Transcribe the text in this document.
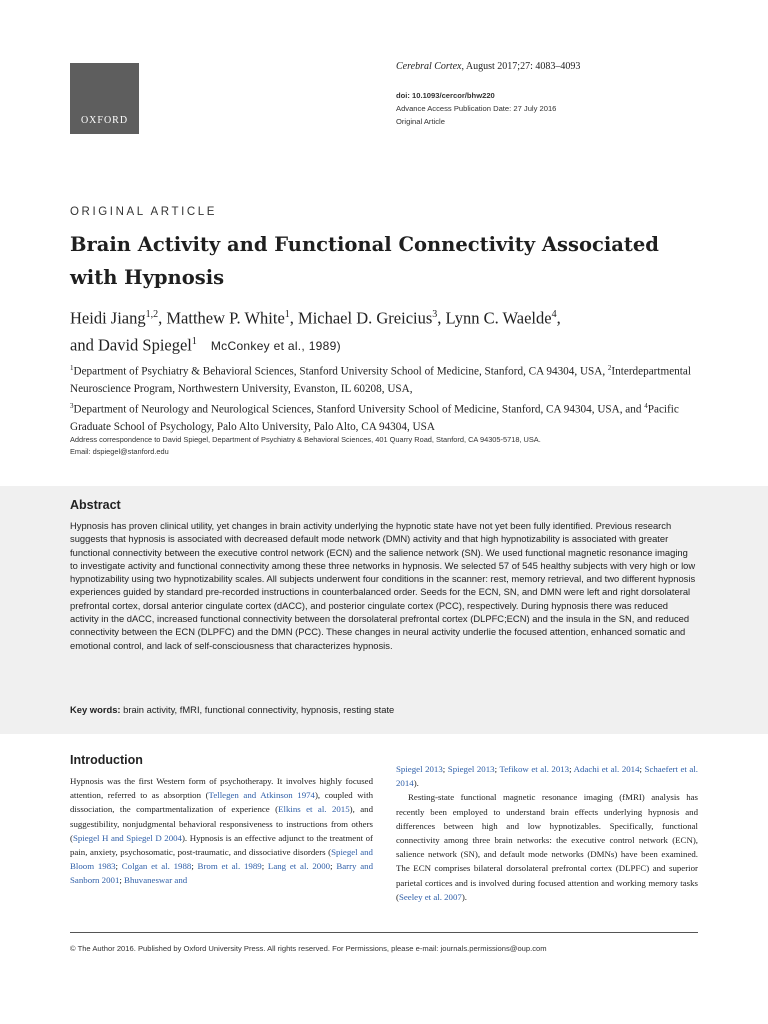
OXFORD
Cerebral Cortex, August 2017;27: 4083–4093
doi: 10.1093/cercor/bhw220
Advance Access Publication Date: 27 July 2016
Original Article
ORIGINAL ARTICLE
Brain Activity and Functional Connectivity Associated with Hypnosis
Heidi Jiang$^{1,2}$, Matthew P. White$^1$, Michael D. Greicius$^3$, Lynn C. Waelde$^4$,
and David Spiegel$^1$ McConkey et al., 1989)
$^1$Department of Psychiatry & Behavioral Sciences, Stanford University School of Medicine, Stanford, CA 94304, USA, $^2$Interdepartmental Neuroscience Program, Northwestern University, Evanston, IL 60208, USA,
$^3$Department of Neurology and Neurological Sciences, Stanford University School of Medicine, Stanford, CA 94304, USA, and $^4$Pacific Graduate School of Psychology, Palo Alto University, Palo Alto, CA 94304, USA
Address correspondence to David Spiegel, Department of Psychiatry & Behavioral Sciences, 401 Quarry Road, Stanford, CA 94305-5718, USA.
Email: dspiegel@stanford.edu
Abstract
Hypnosis has proven clinical utility, yet changes in brain activity underlying the hypnotic state have not yet been fully identified. Previous research suggests that hypnosis is associated with decreased default mode network (DMN) activity and that high hypnotizability is associated with greater functional connectivity between the executive control network (ECN) and the salience network (SN). We used functional magnetic resonance imaging to investigate activity and functional connectivity among these three networks in hypnosis. We selected 57 of 545 healthy subjects with very high or low hypnotizability using two hypnotizability scales. All subjects underwent four conditions in the scanner: rest, memory retrieval, and two different hypnosis experiences guided by standard pre-recorded instructions in counterbalanced order. Seeds for the ECN, SN, and DMN were left and right dorsolateral prefrontal cortex, dorsal anterior cingulate cortex (dACC), and posterior cingulate cortex (PCC), respectively. During hypnosis there was reduced activity in the dACC, increased functional connectivity between the dorsolateral prefrontal cortex (DLPFC;ECN) and the insula in the SN, and reduced connectivity between the ECN (DLPFC) and the DMN (PCC). These changes in neural activity underlie the focused attention, enhanced somatic and emotional control, and lack of self-consciousness that characterizes hypnosis.
Key words: brain activity, fMRI, functional connectivity, hypnosis, resting state
Introduction

Hypnosis was the first Western form of psychotherapy. It involves highly focused attention, referred to as absorption (Tellegen and Atkinson 1974), coupled with dissociation, the compartmentalization of experience (Elkins et al. 2015), and suggestibility, nonjudgmental behavioral responsiveness to instructions from others (Spiegel H and Spiegel D 2004). Hypnosis is an effective adjunct to the treatment of pain, anxiety, psychosomatic, post-traumatic, and dissociative disorders (Spiegel and Bloom 1983; Colgan et al. 1988; Brom et al. 1989; Lang et al. 2000; Barry and Sanborn 2001; Bhuvaneswar and

Spiegel 2013; Spiegel 2013; Tefikow et al. 2013; Adachi et al. 2014; Schaefert et al. 2014).

Resting-state functional magnetic resonance imaging (fMRI) analysis has recently been employed to understand brain effects underlying hypnosis and differences between high and low hypnotizables. Specifically, functional connectivity among three brain networks: the executive control network (ECN), salience network (SN), and default mode networks (DMNs) have been examined. The ECN comprises bilateral dorsolateral prefrontal cortex (DLPFC) and superior parietal cortices and is involved during focused attention and working memory tasks (Seeley et al. 2007).

© The Author 2016. Published by Oxford University Press. All rights reserved. For Permissions, please e-mail: journals.permissions@oup.com
